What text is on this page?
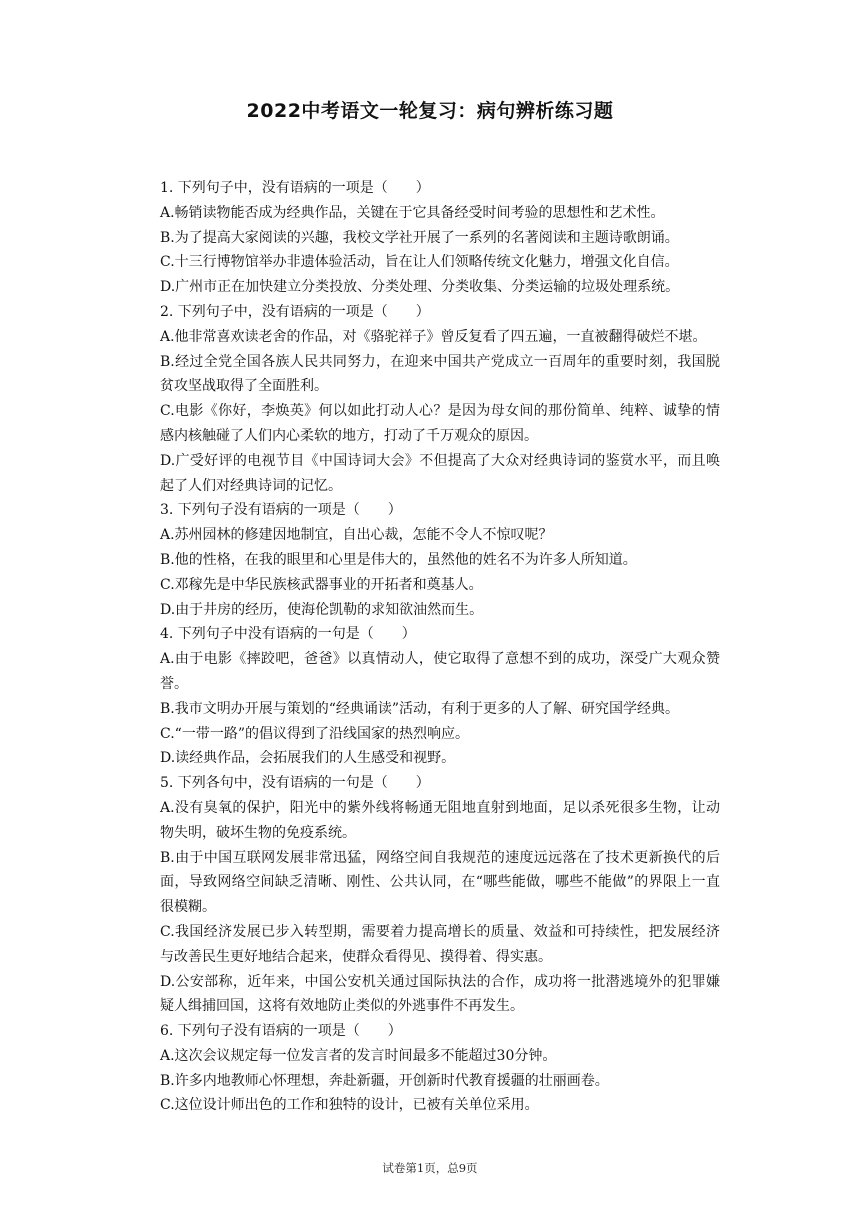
2022中考语文一轮复习：病句辨析练习题
1. 下列句子中，没有语病的一项是（　　）
A.畅销读物能否成为经典作品，关键在于它具备经受时间考验的思想性和艺术性。
B.为了提高大家阅读的兴趣，我校文学社开展了一系列的名著阅读和主题诗歌朗诵。
C.十三行博物馆举办非遗体验活动，旨在让人们领略传统文化魅力，增强文化自信。
D.广州市正在加快建立分类投放、分类处理、分类收集、分类运输的垃圾处理系统。
2. 下列句子中，没有语病的一项是（　　）
A.他非常喜欢读老舍的作品，对《骆驼祥子》曾反复看了四五遍，一直被翻得破烂不堪。
B.经过全党全国各族人民共同努力，在迎来中国共产党成立一百周年的重要时刻，我国脱贫攻坚战取得了全面胜利。
C.电影《你好，李焕英》何以如此打动人心？是因为母女间的那份简单、纯粹、诚挚的情感内核触碰了人们内心柔软的地方，打动了千万观众的原因。
D.广受好评的电视节目《中国诗词大会》不但提高了大众对经典诗词的鉴赏水平，而且唤起了人们对经典诗词的记忆。
3. 下列句子没有语病的一项是（　　）
A.苏州园林的修建因地制宜，自出心裁，怎能不令人不惊叹呢？
B.他的性格，在我的眼里和心里是伟大的，虽然他的姓名不为许多人所知道。
C.邓稼先是中华民族核武器事业的开拓者和奠基人。
D.由于井房的经历，使海伦凯勒的求知欲油然而生。
4. 下列句子中没有语病的一句是（　　）
A.由于电影《摔跤吧，爸爸》以真情动人，使它取得了意想不到的成功，深受广大观众赞誉。
B.我市文明办开展与策划的“经典诵读”活动，有利于更多的人了解、研究国学经典。
C.“一带一路”的倡议得到了沿线国家的热烈响应。
D.读经典作品，会拓展我们的人生感受和视野。
5. 下列各句中，没有语病的一句是（　　）
A.没有臭氧的保护，阳光中的紫外线将畅通无阻地直射到地面，足以杀死很多生物，让动物失明，破坏生物的免疫系统。
B.由于中国互联网发展非常迅猛，网络空间自我规范的速度远远落在了技术更新换代的后面，导致网络空间缺乏清晰、刚性、公共认同，在“哪些能做，哪些不能做”的界限上一直很模糊。
C.我国经济发展已步入转型期，需要着力提高增长的质量、效益和可持续性，把发展经济与改善民生更好地结合起来，使群众看得见、摸得着、得实惠。
D.公安部称，近年来，中国公安机关通过国际执法的合作，成功将一批潜逃境外的犯罪嫌疑人缉捕回国，这将有效地防止类似的外逃事件不再发生。
6. 下列句子没有语病的一项是（　　）
A.这次会议规定每一位发言者的发言时间最多不能超过30分钟。
B.许多内地教师心怀理想，奔赴新疆，开创新时代教育援疆的壮丽画卷。
C.这位设计师出色的工作和独特的设计，已被有关单位采用。
试卷第1页，总9页
